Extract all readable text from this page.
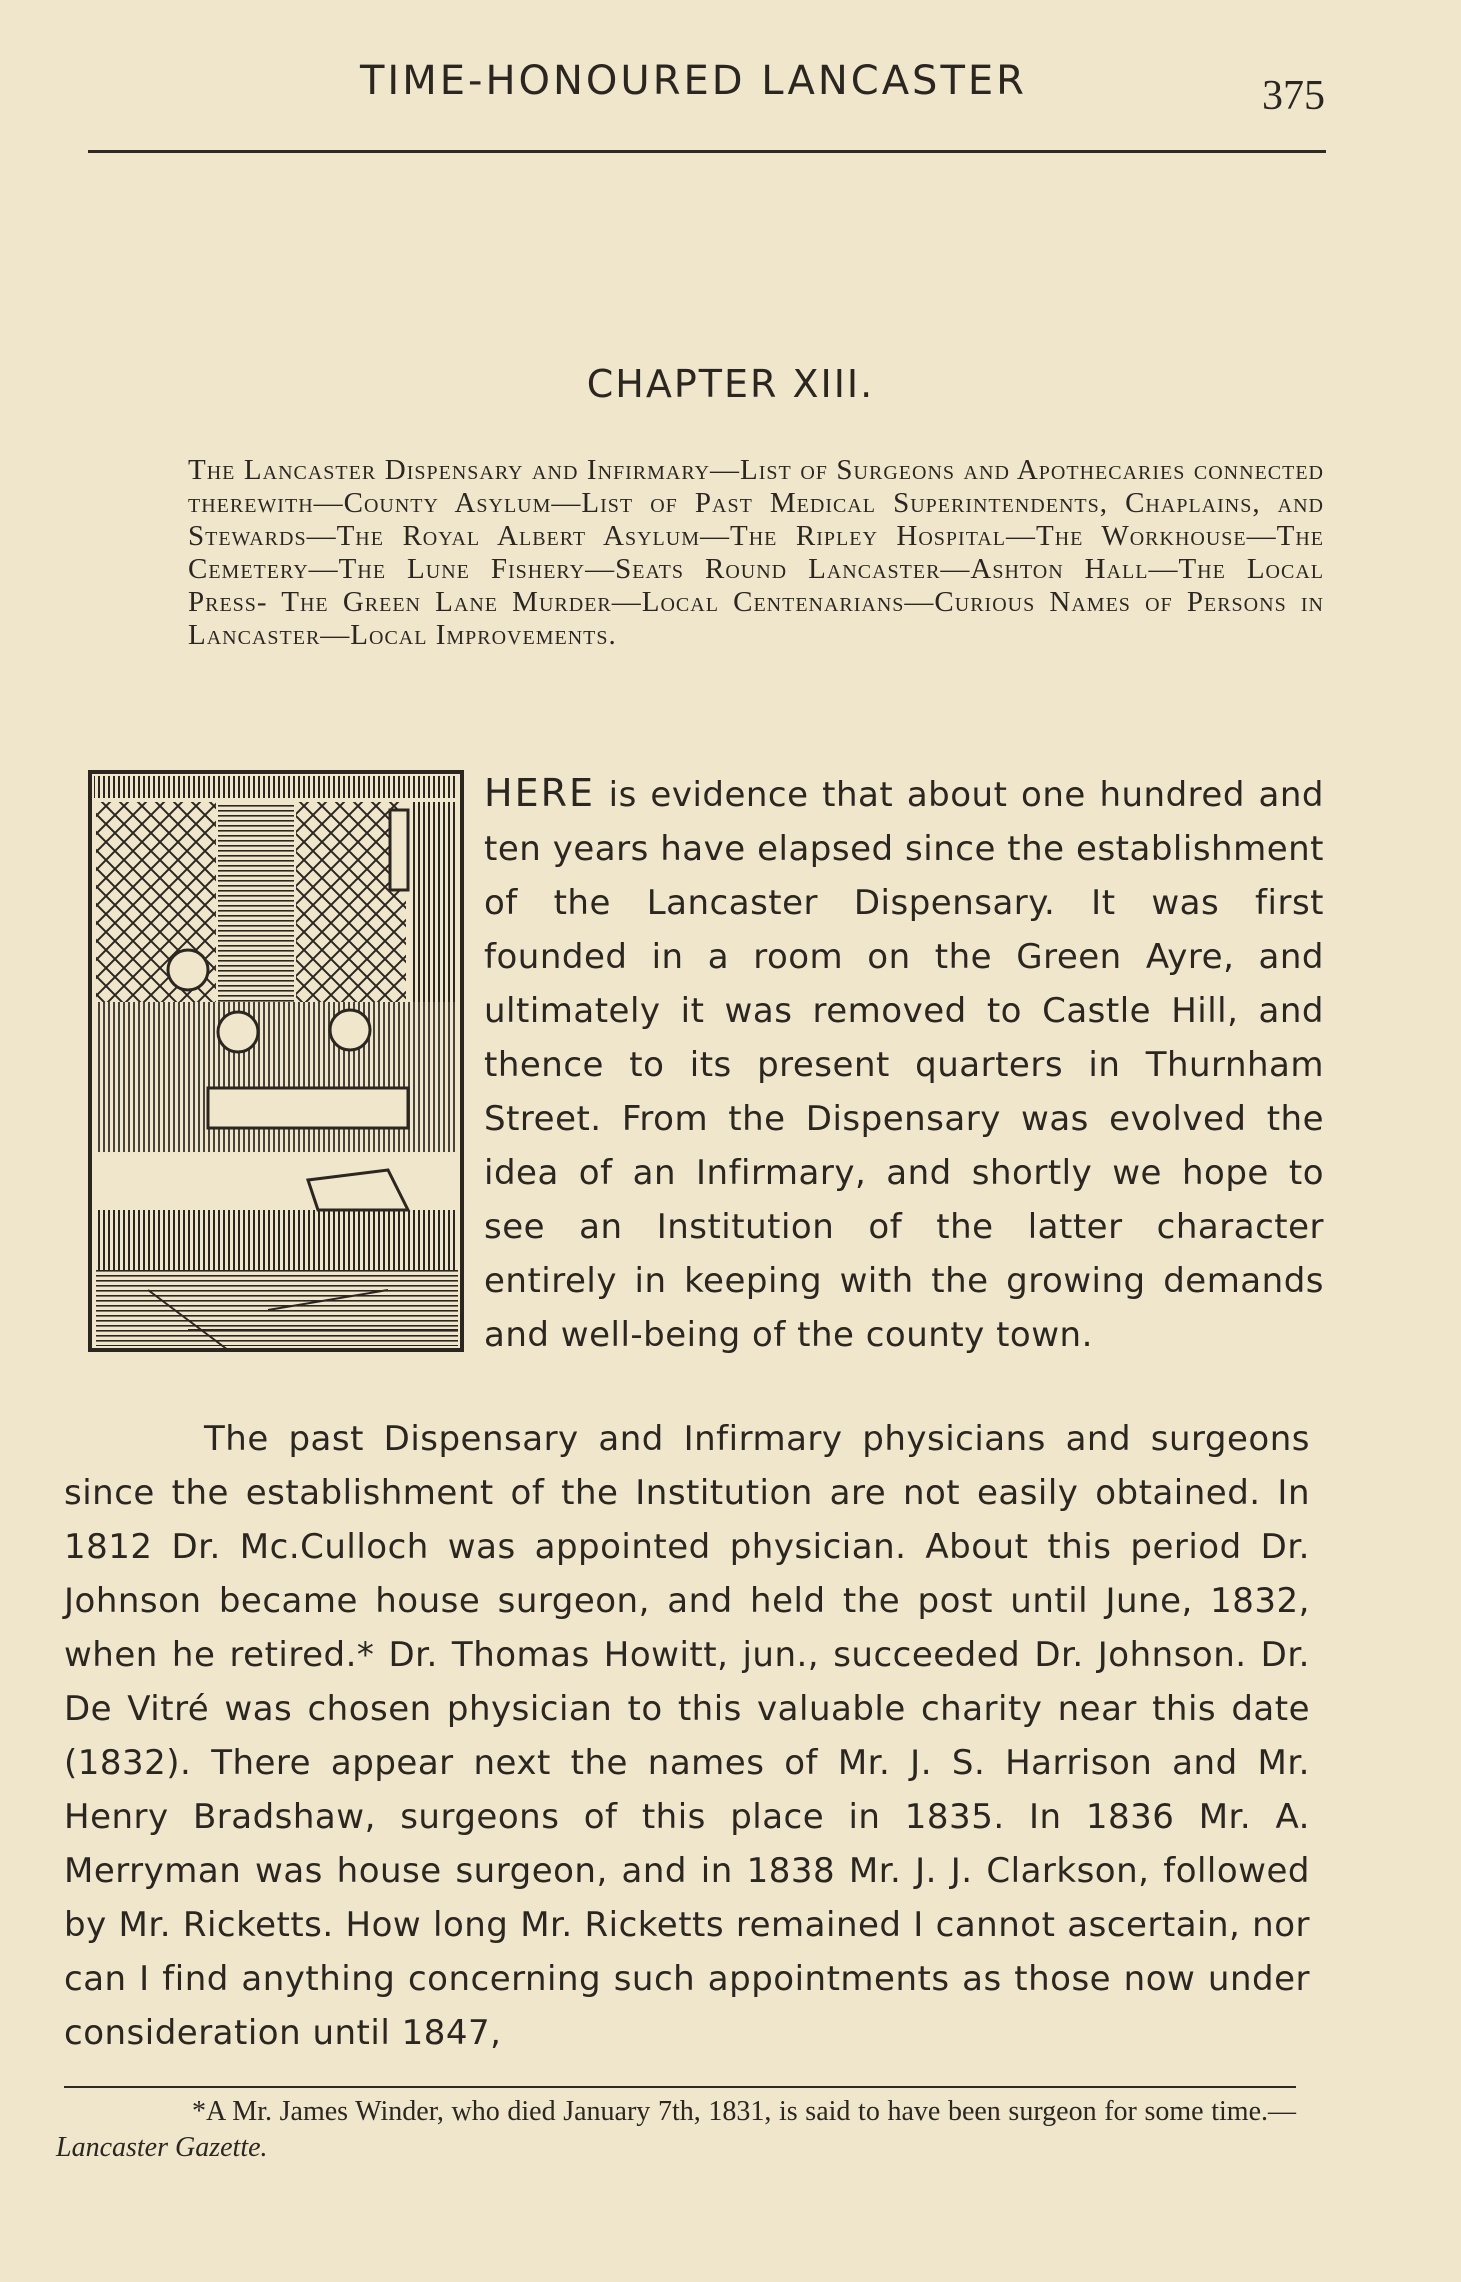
TIME-HONOURED LANCASTER	375
CHAPTER XIII.
The Lancaster Dispensary and Infirmary—List of Surgeons and Apothecaries connected therewith—County Asylum—List of Past Medical Superintendents, Chaplains, and Stewards—The Royal Albert Asylum—The Ripley Hospital—The Workhouse—The Cemetery—The Lune Fishery—Seats Round Lancaster—Ashton Hall—The Local Press- The Green Lane Murder—Local Centenarians—Curious Names of Persons in Lancaster—Local Improvements.
HERE is evidence that about one hundred and ten years have elapsed since the establishment of the Lancaster Dispensary. It was first founded in a room on the Green Ayre, and ultimately it was removed to Castle Hill, and thence to its present quarters in Thurnham Street. From the Dispensary was evolved the idea of an Infirmary, and shortly we hope to see an Institution of the latter character entirely in keeping with the growing demands and well-being of the county town.
The past Dispensary and Infirmary physicians and surgeons since the establishment of the Institution are not easily obtained. In 1812 Dr. Mc.Culloch was appointed physician. About this period Dr. Johnson became house surgeon, and held the post until June, 1832, when he retired.* Dr. Thomas Howitt, jun., succeeded Dr. Johnson. Dr. De Vitré was chosen physician to this valuable charity near this date (1832). There appear next the names of Mr. J. S. Harrison and Mr. Henry Bradshaw, surgeons of this place in 1835. In 1836 Mr. A. Merryman was house surgeon, and in 1838 Mr. J. J. Clarkson, followed by Mr. Ricketts. How long Mr. Ricketts remained I cannot ascertain, nor can I find anything concerning such appointments as those now under consideration until 1847,
*A Mr. James Winder, who died January 7th, 1831, is said to have been surgeon for some time.—Lancaster Gazette.
